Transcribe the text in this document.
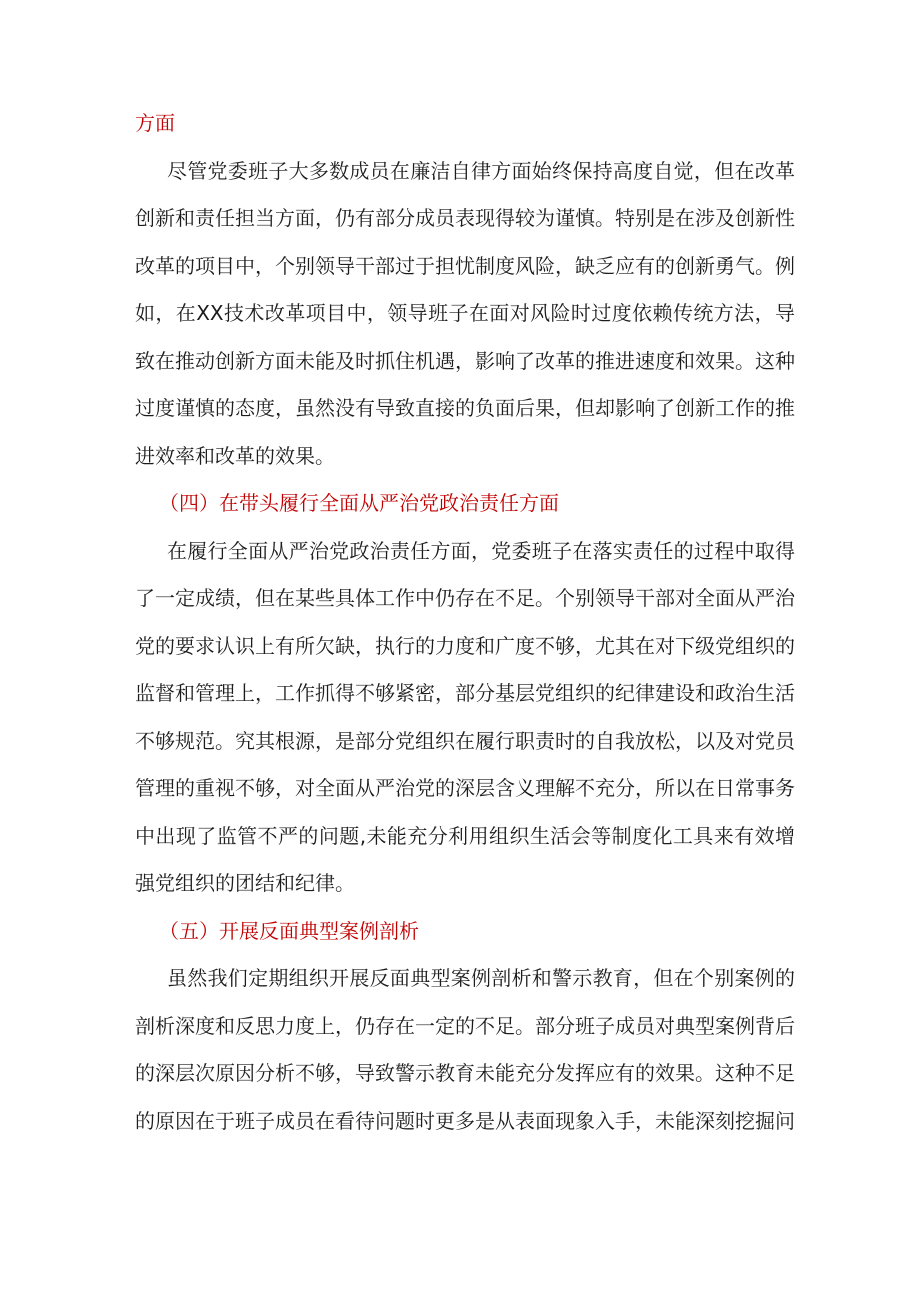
方面

尽管党委班子大多数成员在廉洁自律方面始终保持高度自觉，但在改革创新和责任担当方面，仍有部分成员表现得较为谨慎。特别是在涉及创新性改革的项目中，个别领导干部过于担忧制度风险，缺乏应有的创新勇气。例如，在XX技术改革项目中，领导班子在面对风险时过度依赖传统方法，导致在推动创新方面未能及时抓住机遇，影响了改革的推进速度和效果。这种过度谨慎的态度，虽然没有导致直接的负面后果，但却影响了创新工作的推进效率和改革的效果。

（四）在带头履行全面从严治党政治责任方面

在履行全面从严治党政治责任方面，党委班子在落实责任的过程中取得了一定成绩，但在某些具体工作中仍存在不足。个别领导干部对全面从严治党的要求认识上有所欠缺，执行的力度和广度不够，尤其在对下级党组织的监督和管理上，工作抓得不够紧密，部分基层党组织的纪律建设和政治生活不够规范。究其根源，是部分党组织在履行职责时的自我放松，以及对党员管理的重视不够，对全面从严治党的深层含义理解不充分，所以在日常事务中出现了监管不严的问题,未能充分利用组织生活会等制度化工具来有效增强党组织的团结和纪律。

（五）开展反面典型案例剖析

虽然我们定期组织开展反面典型案例剖析和警示教育，但在个别案例的剖析深度和反思力度上，仍存在一定的不足。部分班子成员对典型案例背后的深层次原因分析不够，导致警示教育未能充分发挥应有的效果。这种不足的原因在于班子成员在看待问题时更多是从表面现象入手，未能深刻挖掘问
